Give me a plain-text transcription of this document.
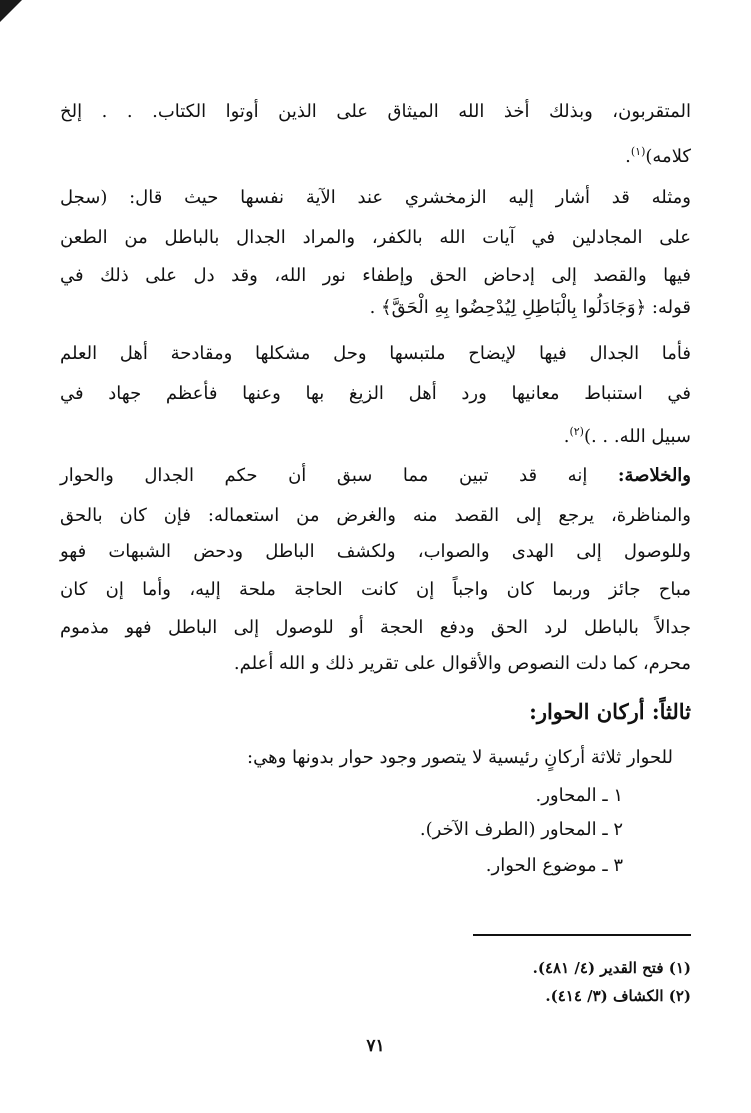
المتقربون، وبذلك أخذ الله الميثاق على الذين أوتوا الكتاب. . . إلخ
كلامه)$^{(١)}$.
ومثله قد أشار إليه الزمخشري عند الآية نفسها حيث قال: (سجل
على المجادلين في آيات الله بالكفر، والمراد الجدال بالباطل من الطعن
فيها والقصد إلى إدحاض الحق وإطفاء نور الله، وقد دل على ذلك في
قوله: ﴿وَجَادَلُوا بِالْبَاطِلِ لِيُدْحِضُوا بِهِ الْحَقَّ﴾ .
فأما الجدال فيها لإيضاح ملتبسها وحل مشكلها ومقادحة أهل العلم
في استنباط معانيها ورد أهل الزيغ بها وعنها فأعظم جهاد في
سبيل الله. . .)$^{(٢)}$.
والخلاصة: إنه قد تبين مما سبق أن حكم الجدال والحوار
والمناظرة، يرجع إلى القصد منه والغرض من استعماله: فإن كان بالحق
وللوصول إلى الهدى والصواب، ولكشف الباطل ودحض الشبهات فهو
مباح جائز وربما كان واجباً إن كانت الحاجة ملحة إليه، وأما إن كان
جدالاً بالباطل لرد الحق ودفع الحجة أو للوصول إلى الباطل فهو مذموم
محرم، كما دلت النصوص والأقوال على تقرير ذلك و الله أعلم.
ثالثاً: أركان الحوار:
للحوار ثلاثة أركانٍ رئيسية لا يتصور وجود حوار بدونها وهي:
١ ـ المحاور.
٢ ـ المحاور (الطرف الآخر).
٣ ـ موضوع الحوار.
(١) فتح القدير (٤/ ٤٨١).
(٢) الكشاف (٣/ ٤١٤).
٧١
